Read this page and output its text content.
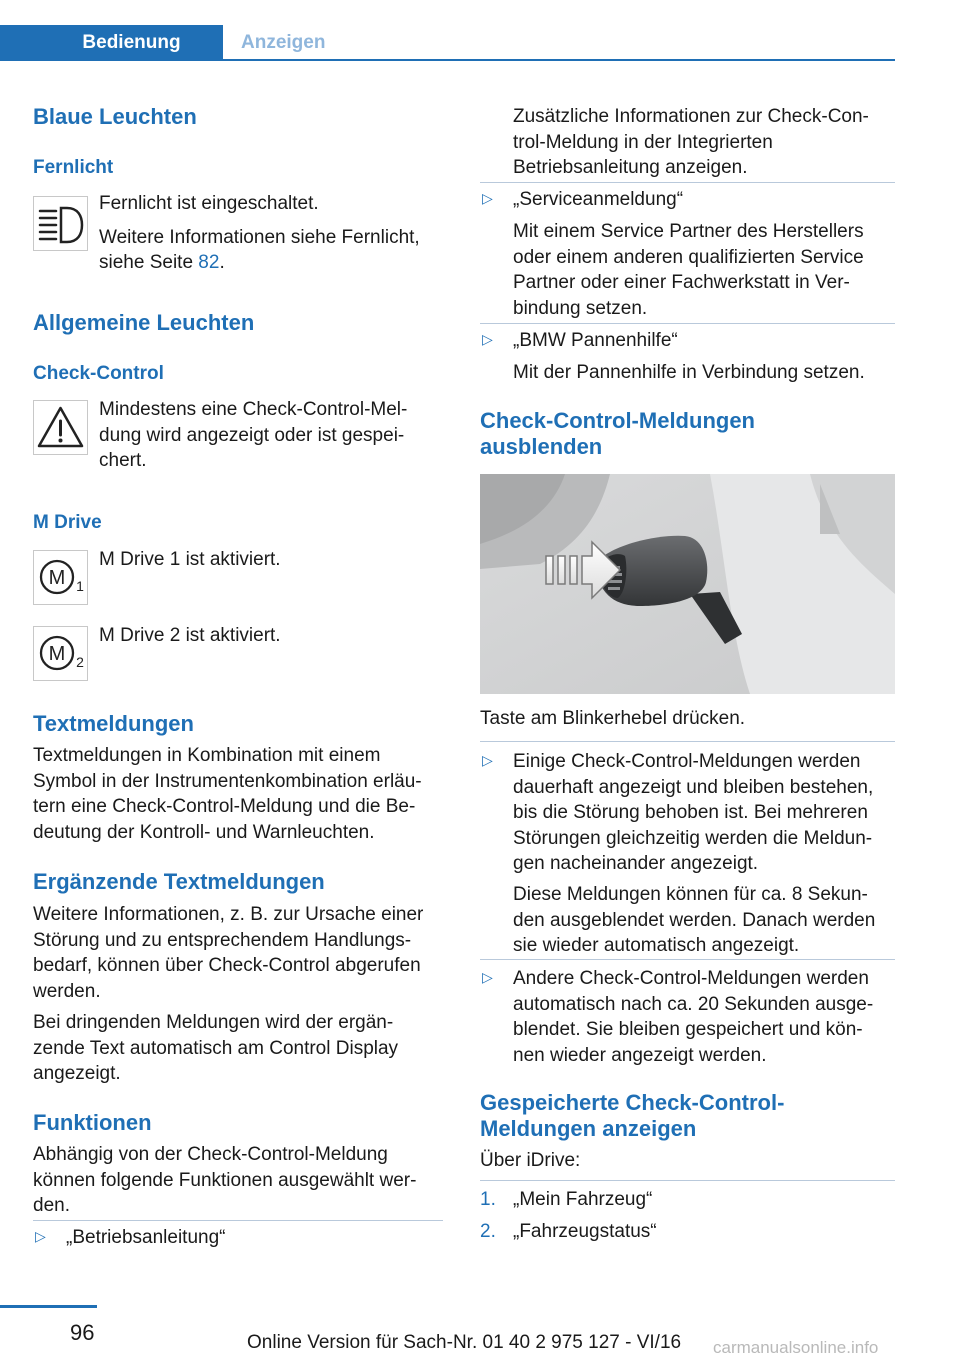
Bedienung	Anzeigen
Blaue Leuchten
Fernlicht
Fernlicht ist eingeschaltet.
Weitere Informationen siehe Fernlicht,
siehe Seite 82.
Allgemeine Leuchten
Check-Control
Mindestens eine Check-Control-Mel-
dung wird angezeigt oder ist gespei-
chert.
M Drive
M 1
M Drive 1 ist aktiviert.
M 2
M Drive 2 ist aktiviert.
Textmeldungen
Textmeldungen in Kombination mit einem
Symbol in der Instrumentenkombination erläu-
tern eine Check-Control-Meldung und die Be-
deutung der Kontroll- und Warnleuchten.
Ergänzende Textmeldungen
Weitere Informationen, z. B. zur Ursache einer
Störung und zu entsprechendem Handlungs-
bedarf, können über Check-Control abgerufen
werden.
Bei dringenden Meldungen wird der ergän-
zende Text automatisch am Control Display
angezeigt.
Funktionen
Abhängig von der Check-Control-Meldung
können folgende Funktionen ausgewählt wer-
den.
▷ „Betriebsanleitung“
Zusätzliche Informationen zur Check-Con-
trol-Meldung in der Integrierten
Betriebsanleitung anzeigen.
▷ „Serviceanmeldung“
Mit einem Service Partner des Herstellers
oder einem anderen qualifizierten Service
Partner oder einer Fachwerkstatt in Ver-
bindung setzen.
▷ „BMW Pannenhilfe“
Mit der Pannenhilfe in Verbindung setzen.
Check-Control-Meldungen
ausblenden
Taste am Blinkerhebel drücken.
▷ Einige Check-Control-Meldungen werden
dauerhaft angezeigt und bleiben bestehen,
bis die Störung behoben ist. Bei mehreren
Störungen gleichzeitig werden die Meldun-
gen nacheinander angezeigt.
Diese Meldungen können für ca. 8 Sekun-
den ausgeblendet werden. Danach werden
sie wieder automatisch angezeigt.
▷ Andere Check-Control-Meldungen werden
automatisch nach ca. 20 Sekunden ausge-
blendet. Sie bleiben gespeichert und kön-
nen wieder angezeigt werden.
Gespeicherte Check-Control-
Meldungen anzeigen
Über iDrive:
1. „Mein Fahrzeug“
2. „Fahrzeugstatus“
96	Online Version für Sach-Nr. 01 40 2 975 127 - VI/16 carmanualsonline.info
